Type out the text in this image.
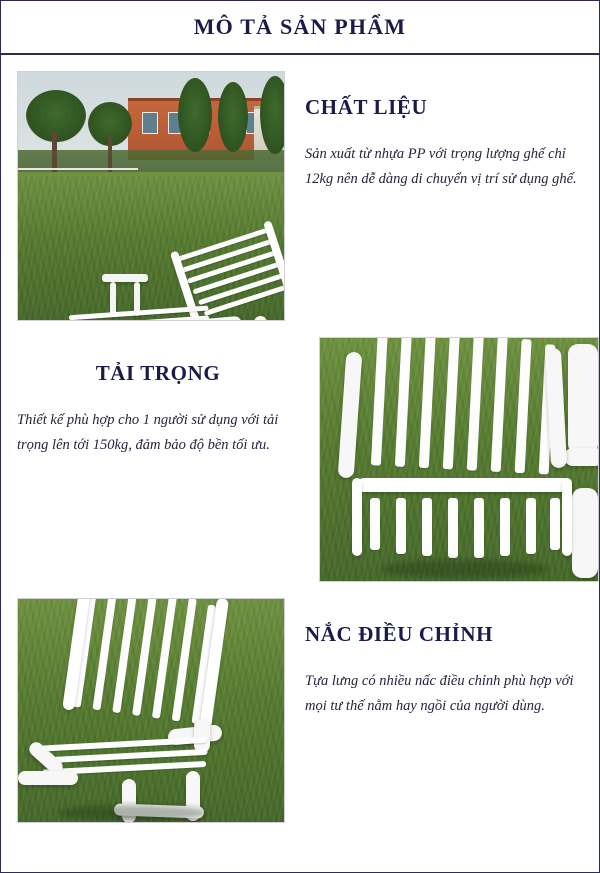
MÔ TẢ SẢN PHẨM
CHẤT LIỆU

Sản xuất từ nhựa PP với trọng lượng ghế chỉ 12kg nên dễ dàng di chuyển vị trí sử dụng ghế.

TẢI TRỌNG

Thiết kế phù hợp cho 1 người sử dụng với tải trọng lên tới 150kg, đảm bảo độ bền tối ưu.

NẮC ĐIỀU CHỈNH

Tựa lưng có nhiều nấc điều chỉnh phù hợp với mọi tư thế nằm hay ngồi của người dùng.
